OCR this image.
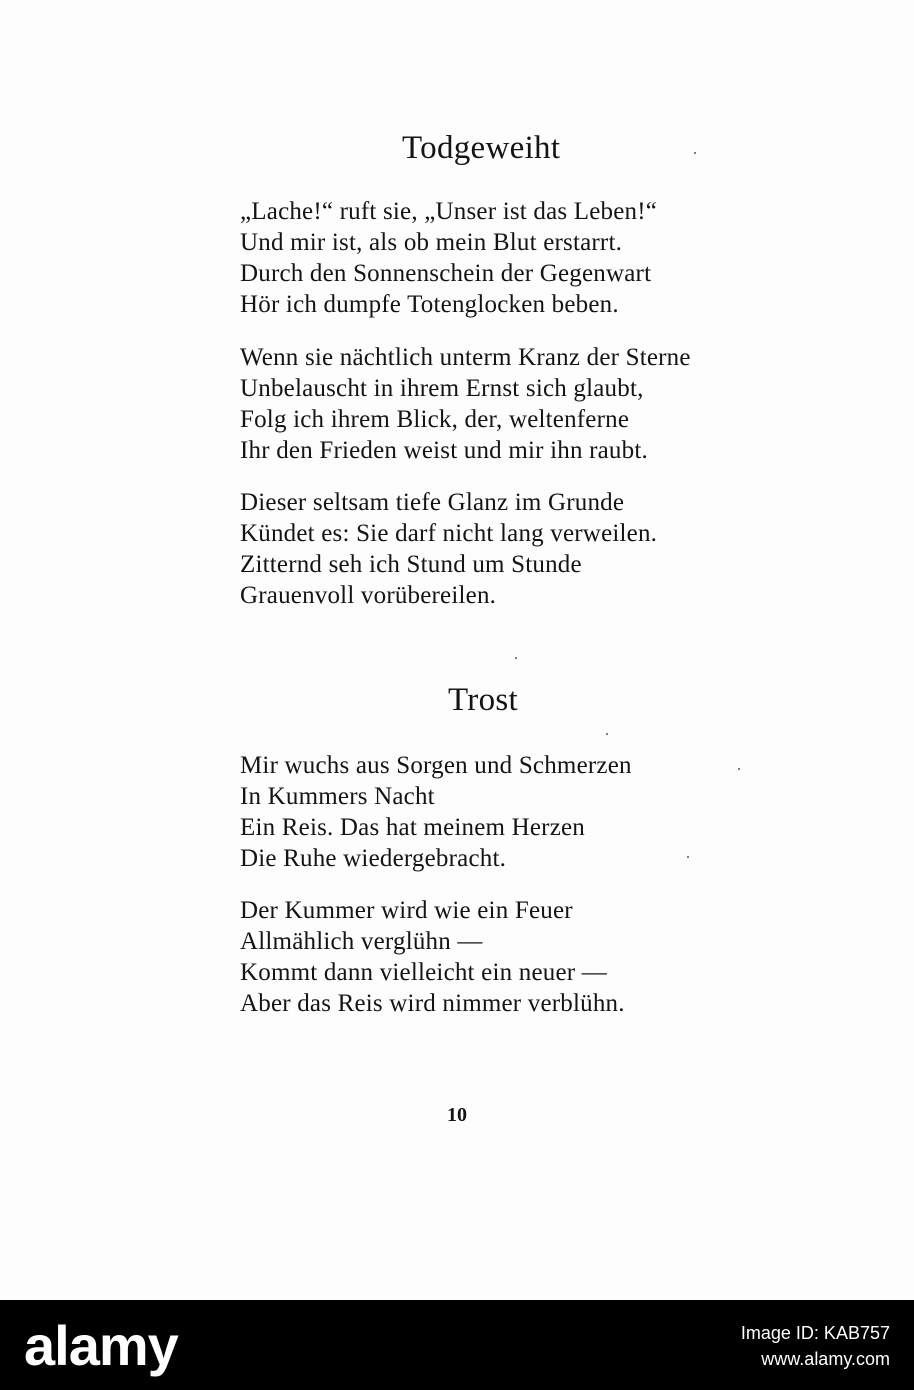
Todgeweiht
„Lache!“ ruft sie, „Unser ist das Leben!“
Und mir ist, als ob mein Blut erstarrt.
Durch den Sonnenschein der Gegenwart
Hör ich dumpfe Totenglocken beben.
Wenn sie nächtlich unterm Kranz der Sterne
Unbelauscht in ihrem Ernst sich glaubt,
Folg ich ihrem Blick, der, weltenferne
Ihr den Frieden weist und mir ihn raubt.
Dieser seltsam tiefe Glanz im Grunde
Kündet es: Sie darf nicht lang verweilen.
Zitternd seh ich Stund um Stunde
Grauenvoll vorübereilen.
Trost
Mir wuchs aus Sorgen und Schmerzen
In Kummers Nacht
Ein Reis. Das hat meinem Herzen
Die Ruhe wiedergebracht.
Der Kummer wird wie ein Feuer
Allmählich verglühn —
Kommt dann vielleicht ein neuer —
Aber das Reis wird nimmer verblühn.
10
alamy	Image ID: KAB757
www.alamy.com
